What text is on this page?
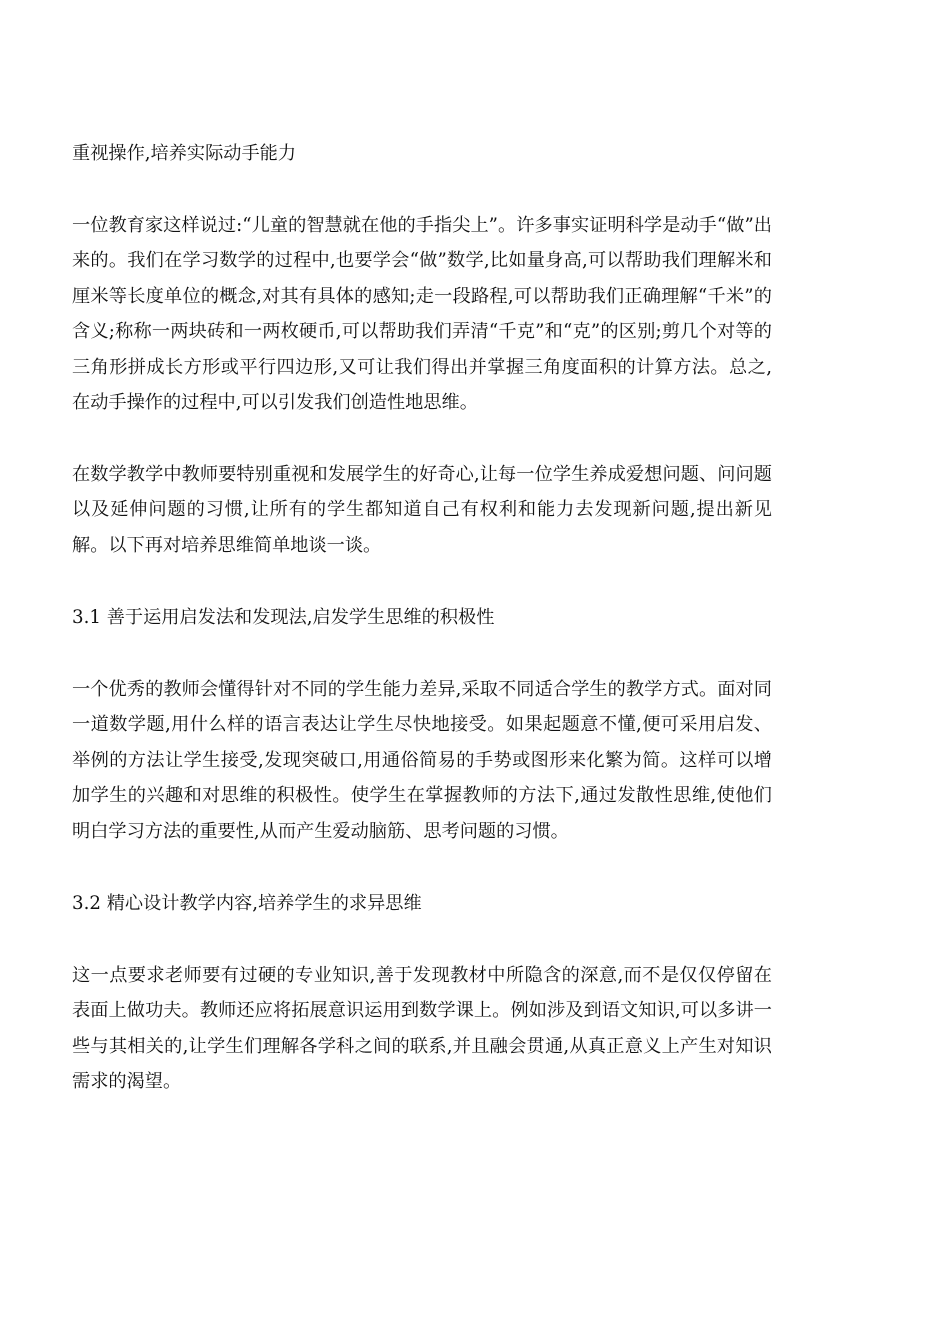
重视操作,培养实际动手能力

一位教育家这样说过:“儿童的智慧就在他的手指尖上”。许多事实证明科学是动手“做”出来的。我们在学习数学的过程中,也要学会“做”数学,比如量身高,可以帮助我们理解米和厘米等长度单位的概念,对其有具体的感知;走一段路程,可以帮助我们正确理解“千米”的含义;称称一两块砖和一两枚硬币,可以帮助我们弄清“千克”和“克”的区别;剪几个对等的三角形拼成长方形或平行四边形,又可让我们得出并掌握三角度面积的计算方法。总之,在动手操作的过程中,可以引发我们创造性地思维。

在数学教学中教师要特别重视和发展学生的好奇心,让每一位学生养成爱想问题、问问题以及延伸问题的习惯,让所有的学生都知道自己有权利和能力去发现新问题,提出新见解。以下再对培养思维简单地谈一谈。

3.1 善于运用启发法和发现法,启发学生思维的积极性

一个优秀的教师会懂得针对不同的学生能力差异,采取不同适合学生的教学方式。面对同一道数学题,用什么样的语言表达让学生尽快地接受。如果起题意不懂,便可采用启发、举例的方法让学生接受,发现突破口,用通俗简易的手势或图形来化繁为简。这样可以增加学生的兴趣和对思维的积极性。使学生在掌握教师的方法下,通过发散性思维,使他们明白学习方法的重要性,从而产生爱动脑筋、思考问题的习惯。

3.2 精心设计教学内容,培养学生的求异思维

这一点要求老师要有过硬的专业知识,善于发现教材中所隐含的深意,而不是仅仅停留在表面上做功夫。教师还应将拓展意识运用到数学课上。例如涉及到语文知识,可以多讲一些与其相关的,让学生们理解各学科之间的联系,并且融会贯通,从真正意义上产生对知识需求的渴望。
